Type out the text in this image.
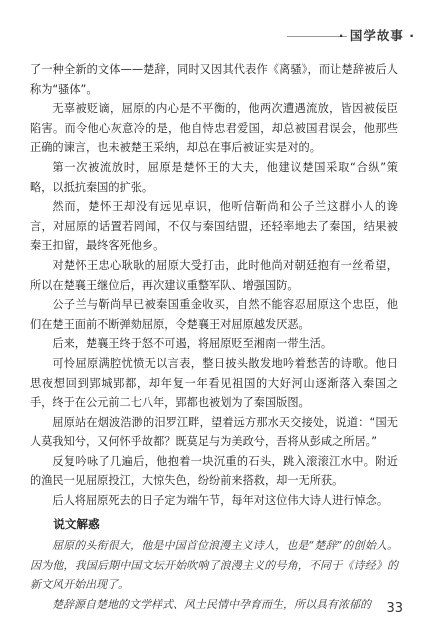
· 国学故事 ·

了一种全新的文体——楚辞，同时又因其代表作《离骚》，而让楚辞被后人称为“骚体”。

无辜被贬谪，屈原的内心是不平衡的，他两次遭遇流放，皆因被佞臣陷害。而令他心灰意冷的是，他自恃忠君爱国，却总被国君误会，他那些正确的谏言，也未被楚王采纳，却总在事后被证实是对的。

第一次被流放时，屈原是楚怀王的大夫，他建议楚国采取“合纵”策略，以抵抗秦国的扩张。

然而，楚怀王却没有远见卓识，他听信靳尚和公子兰这群小人的谗言，对屈原的话置若罔闻，不仅与秦国结盟，还轻率地去了秦国，结果被秦王扣留，最终客死他乡。

对楚怀王忠心耿耿的屈原大受打击，此时他尚对朝廷抱有一丝希望，所以在楚襄王继位后，再次建议重整军队、增强国防。

公子兰与靳尚早已被秦国重金收买，自然不能容忍屈原这个忠臣，他们在楚王面前不断弹劾屈原，令楚襄王对屈原越发厌恶。

后来，楚襄王终于怒不可遏，将屈原贬至湘南一带生活。

可怜屈原满腔忧愤无以言表，整日披头散发地吟着愁苦的诗歌。他日思夜想回到郢城郢都，却年复一年看见祖国的大好河山逐渐落入秦国之手，终于在公元前二七八年，郢都也被划为了秦国版图。

屈原站在烟波浩渺的汨罗江畔，望着远方那水天交接处，说道：“国无人莫我知兮，又何怀乎故都？既莫足与为美政兮，吾将从彭咸之所居。”

反复吟咏了几遍后，他抱着一块沉重的石头，跳入滚滚江水中。附近的渔民一见屈原投江，大惊失色，纷纷前来搭救，却一无所获。

后人将屈原死去的日子定为端午节，每年对这位伟大诗人进行悼念。

说文解惑

屈原的头衔很大，他是中国首位浪漫主义诗人，也是“楚辞”的创始人。因为他，我国后期中国文坛开始吹响了浪漫主义的号角，不同于《诗经》的新文风开始出现了。

楚辞源自楚地的文学样式、风土民情中孕育而生，所以具有浓郁的	33
